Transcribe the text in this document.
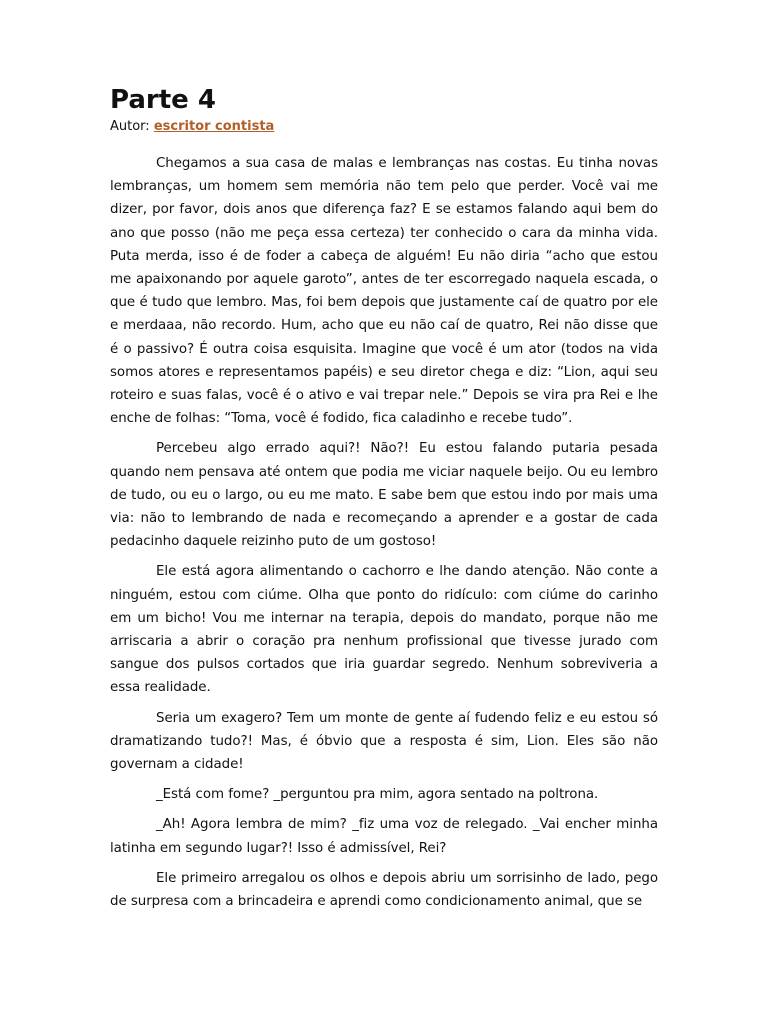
Parte 4
Autor: escritor contista

Chegamos a sua casa de malas e lembranças nas costas. Eu tinha novas lembranças, um homem sem memória não tem pelo que perder. Você vai me dizer, por favor, dois anos que diferença faz? E se estamos falando aqui bem do ano que posso (não me peça essa certeza) ter conhecido o cara da minha vida. Puta merda, isso é de foder a cabeça de alguém! Eu não diria “acho que estou me apaixonando por aquele garoto”, antes de ter escorregado naquela escada, o que é tudo que lembro. Mas, foi bem depois que justamente caí de quatro por ele e merdaaa, não recordo. Hum, acho que eu não caí de quatro, Rei não disse que é o passivo? É outra coisa esquisita. Imagine que você é um ator (todos na vida somos atores e representamos papéis) e seu diretor chega e diz: “Lion, aqui seu roteiro e suas falas, você é o ativo e vai trepar nele.” Depois se vira pra Rei e lhe enche de folhas: “Toma, você é fodido, fica caladinho e recebe tudo”.

Percebeu algo errado aqui?! Não?! Eu estou falando putaria pesada quando nem pensava até ontem que podia me viciar naquele beijo. Ou eu lembro de tudo, ou eu o largo, ou eu me mato. E sabe bem que estou indo por mais uma via: não to lembrando de nada e recomeçando a aprender e a gostar de cada pedacinho daquele reizinho puto de um gostoso!

Ele está agora alimentando o cachorro e lhe dando atenção. Não conte a ninguém, estou com ciúme. Olha que ponto do ridículo: com ciúme do carinho em um bicho! Vou me internar na terapia, depois do mandato, porque não me arriscaria a abrir o coração pra nenhum profissional que tivesse jurado com sangue dos pulsos cortados que iria guardar segredo. Nenhum sobreviveria a essa realidade.

Seria um exagero? Tem um monte de gente aí fudendo feliz e eu estou só dramatizando tudo?! Mas, é óbvio que a resposta é sim, Lion. Eles são não governam a cidade!

_Está com fome? _perguntou pra mim, agora sentado na poltrona.

_Ah! Agora lembra de mim? _fiz uma voz de relegado. _Vai encher minha latinha em segundo lugar?! Isso é admissível, Rei?

Ele primeiro arregalou os olhos e depois abriu um sorrisinho de lado, pego de surpresa com a brincadeira e aprendi como condicionamento animal, que se
